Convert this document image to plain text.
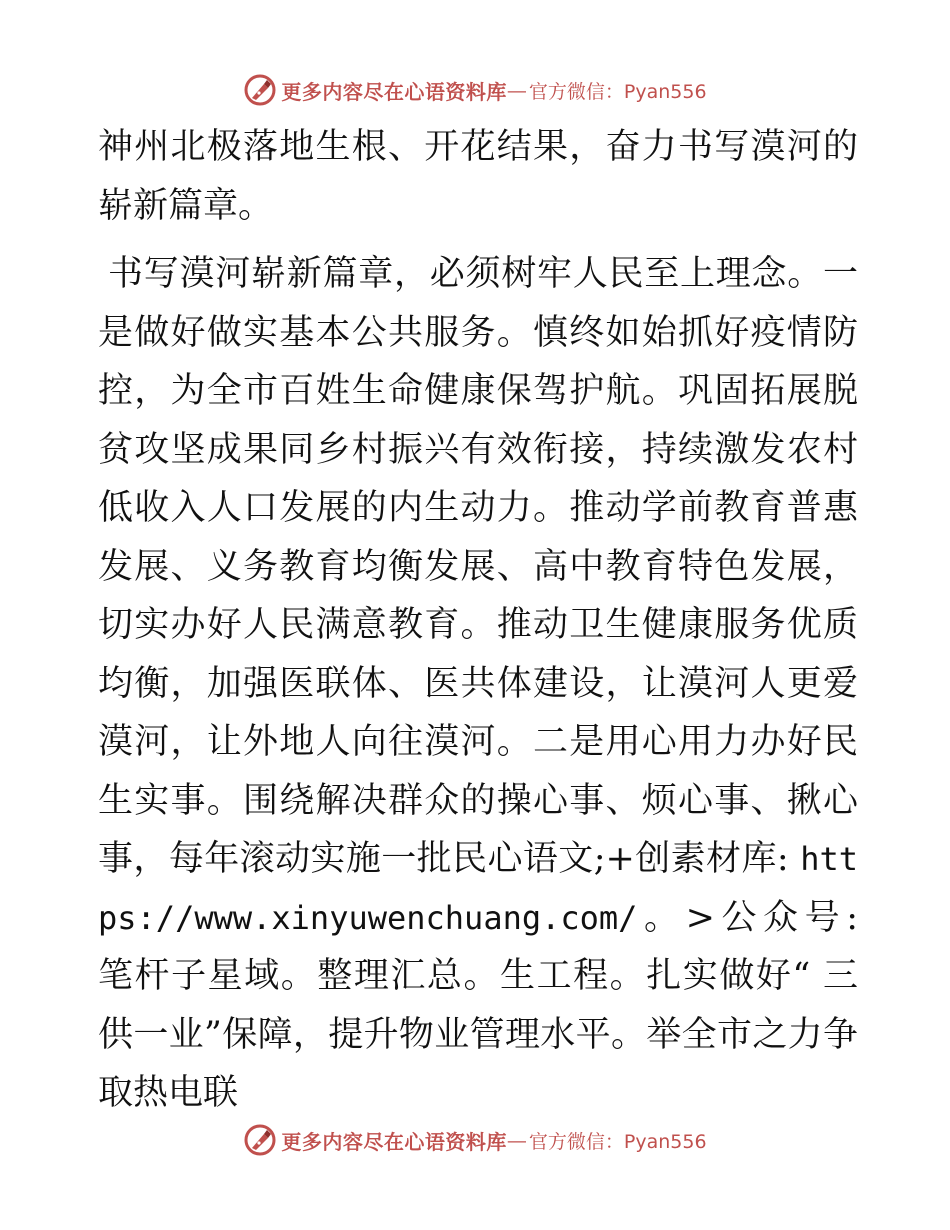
更多内容尽在心语资料库 — 官方微信：Pyan556

神州北极落地生根、开花结果，奋力书写漠河的崭新篇章。

书写漠河崭新篇章，必须树牢人民至上理念。一是做好做实基本公共服务。慎终如始抓好疫情防控，为全市百姓生命健康保驾护航。巩固拓展脱贫攻坚成果同乡村振兴有效衔接，持续激发农村低收入人口发展的内生动力。推动学前教育普惠发展、义务教育均衡发展、高中教育特色发展，切实办好人民满意教育。推动卫生健康服务优质均衡，加强医联体、医共体建设，让漠河人更爱漠河，让外地人向往漠河。二是用心用力办好民生实事。围绕解决群众的操心事、烦心事、揪心事，每年滚动实施一批民心语文;+创素材库: https://www.xinyuwenchuang.com/。>公众号: 笔杆子星域。整理汇总。生工程。扎实做好“ 三供一业”保障，提升物业管理水平。举全市之力争取热电联

更多内容尽在心语资料库 — 官方微信：Pyan556
